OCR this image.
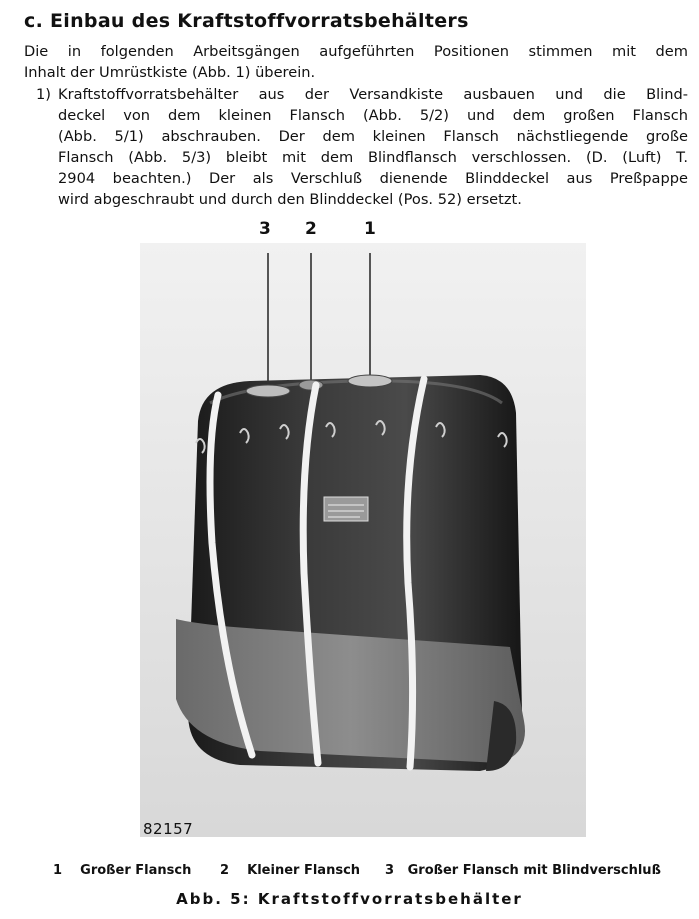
c. Einbau des Kraftstoffvorratsbehälters
Die in folgenden Arbeitsgängen aufgeführten Positionen stimmen mit dem
Inhalt der Umrüstkiste (Abb. 1) überein.
1) Kraftstoffvorratsbehälter aus der Versandkiste ausbauen und die Blind-
deckel von dem kleinen Flansch (Abb. 5/2) und dem großen Flansch
(Abb. 5/1) abschrauben. Der dem kleinen Flansch nächstliegende große
Flansch (Abb. 5/3) bleibt mit dem Blindflansch verschlossen. (D. (Luft) T.
2904 beachten.) Der als Verschluß dienende Blinddeckel aus Preßpappe
wird abgeschraubt und durch den Blinddeckel (Pos. 52) ersetzt.
3 2	1
82157
1 Großer Flansch 2 Kleiner Flansch 3 Großer Flansch mit Blindverschluß
Abb. 5: Kraftstoffvorratsbehälter
